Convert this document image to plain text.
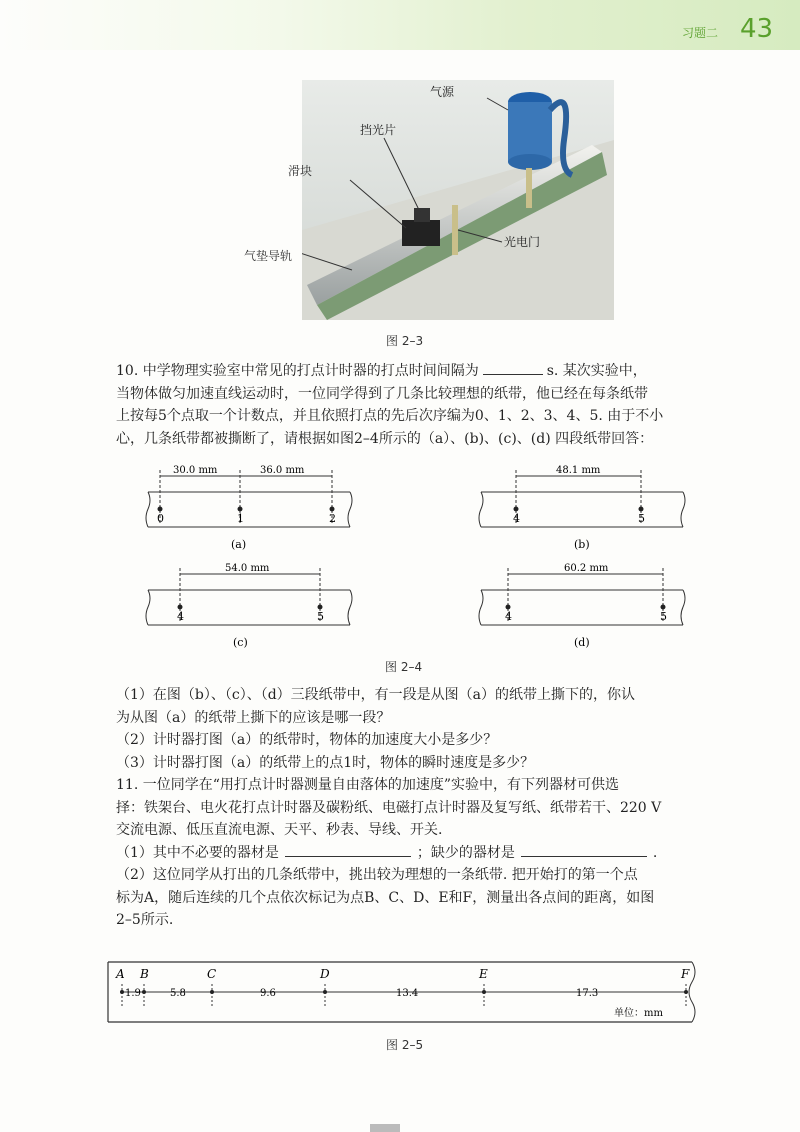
习题二 43
气源
挡光片
光电门
气垫导轨
滑块
图 2–3
10. 中学物理实验室中常见的打点计时器的打点时间间隔为	s. 某次实验中，
当物体做匀加速直线运动时，一位同学得到了几条比较理想的纸带，他已经在每条纸带
上按每5个点取一个计数点，并且依照打点的先后次序编为0、1、2、3、4、5. 由于不小
心，几条纸带都被撕断了，请根据如图2–4所示的（a）、(b)、(c)、(d) 四段纸带回答：
30.0 mm	36.0 mm
0	1	2
(a)
48.1 mm
4	5
(b)
54.0 mm
4	5
(c)
60.2 mm
4	5
(d)
图 2–4
（1）在图（b）、（c）、（d）三段纸带中，有一段是从图（a）的纸带上撕下的，你认
为从图（a）的纸带上撕下的应该是哪一段？
（2）计时器打图（a）的纸带时，物体的加速度大小是多少？
（3）计时器打图（a）的纸带上的点1时，物体的瞬时速度是多少？
11. 一位同学在“用打点计时器测量自由落体的加速度”实验中，有下列器材可供选
择：铁架台、电火花打点计时器及碳粉纸、电磁打点计时器及复写纸、纸带若干、220 V
交流电源、低压直流电源、天平、秒表、导线、开关.
（1）其中不必要的器材是	；缺少的器材是	.
（2）这位同学从打出的几条纸带中，挑出较为理想的一条纸带. 把开始打的第一个点
标为A，随后连续的几个点依次标记为点B、C、D、E和F，测量出各点间的距离，如图
2–5所示.
A B	C	D	E	F
1.9	5.8	9.6	13.4	17.3
单位：mm
图 2–5
